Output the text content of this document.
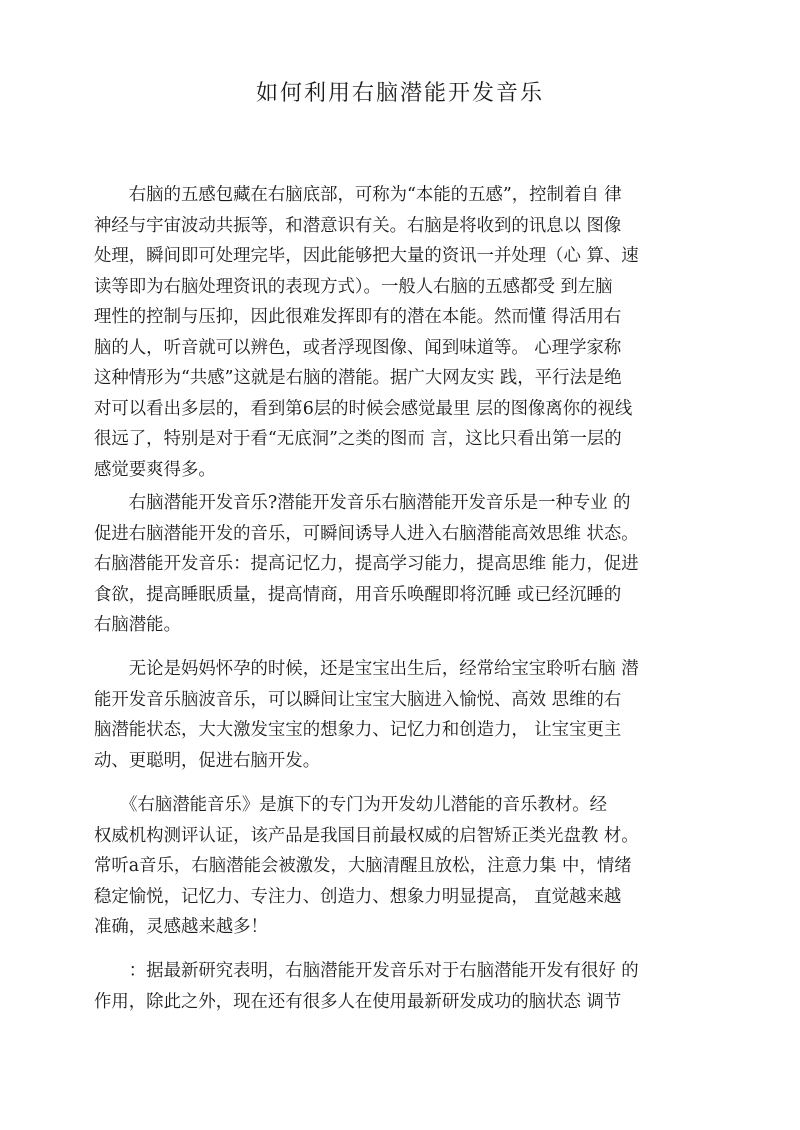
如何利用右脑潜能开发音乐

　　右脑的五感包藏在右脑底部，可称为“本能的五感”，控制着自 律
神经与宇宙波动共振等，和潜意识有关。右脑是将收到的讯息以 图像
处理，瞬间即可处理完毕，因此能够把大量的资讯一并处理（心 算、速
读等即为右脑处理资讯的表现方式）。一般人右脑的五感都受 到左脑
理性的控制与压抑，因此很难发挥即有的潜在本能。然而懂 得活用右
脑的人，听音就可以辨色，或者浮现图像、闻到味道等。 心理学家称
这种情形为“共感”这就是右脑的潜能。据广大网友实 践，平行法是绝
对可以看出多层的，看到第6层的时候会感觉最里 层的图像离你的视线
很远了，特别是对于看“无底洞”之类的图而 言，这比只看出第一层的
感觉要爽得多。

　　右脑潜能开发音乐?潜能开发音乐右脑潜能开发音乐是一种专业 的
促进右脑潜能开发的音乐，可瞬间诱导人进入右脑潜能高效思维 状态。
右脑潜能开发音乐：提高记忆力，提高学习能力，提高思维 能力，促进
食欲，提高睡眠质量，提高情商，用音乐唤醒即将沉睡 或已经沉睡的
右脑潜能。

　　无论是妈妈怀孕的时候，还是宝宝出生后，经常给宝宝聆听右脑 潜
能开发音乐脑波音乐，可以瞬间让宝宝大脑进入愉悦、高效 思维的右
脑潜能状态，大大激发宝宝的想象力、记忆力和创造力， 让宝宝更主
动、更聪明，促进右脑开发。

　　《右脑潜能音乐》是旗下的专门为开发幼儿潜能的音乐教材。经
权威机构测评认证，该产品是我国目前最权威的启智矫正类光盘教 材。
常听a音乐，右脑潜能会被激发，大脑清醒且放松，注意力集 中，情绪
稳定愉悦，记忆力、专注力、创造力、想象力明显提高， 直觉越来越
准确，灵感越来越多！

　　：据最新研究表明，右脑潜能开发音乐对于右脑潜能开发有很好 的
作用，除此之外，现在还有很多人在使用最新研发成功的脑状态 调节
